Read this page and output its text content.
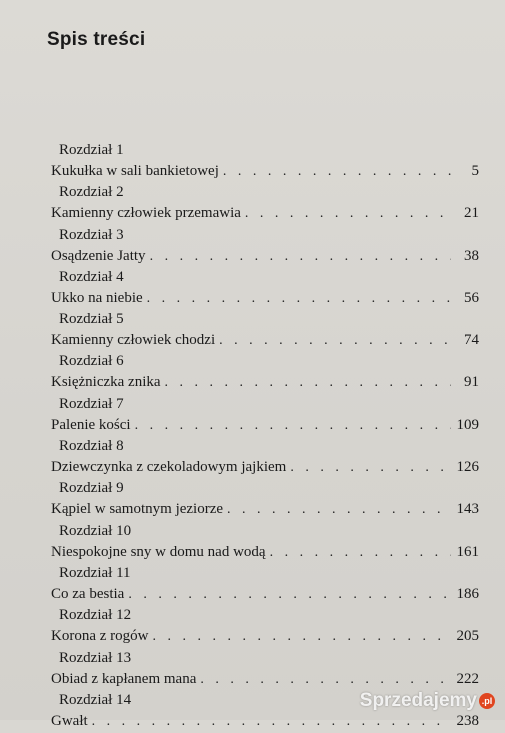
Spis treści
Rozdział 1
Kukułka w sali bankietowej . . .	5
Rozdział 2
Kamienny człowiek przemawia . . .	21
Rozdział 3
Osądzenie Jatty . . .	38
Rozdział 4
Ukko na niebie . . .	56
Rozdział 5
Kamienny człowiek chodzi . . .	74
Rozdział 6
Księżniczka znika . . .	91
Rozdział 7
Palenie kości . . .	109
Rozdział 8
Dziewczynka z czekoladowym jajkiem . . .	126
Rozdział 9
Kąpiel w samotnym jeziorze . . .	143
Rozdział 10
Niespokojne sny w domu nad wodą . . .	161
Rozdział 11
Co za bestia . . .	186
Rozdział 12
Korona z rogów . . .	205
Rozdział 13
Obiad z kapłanem mana . . .	222
Rozdział 14
Gwałt . . .	238
Sprzedajemy .pl
